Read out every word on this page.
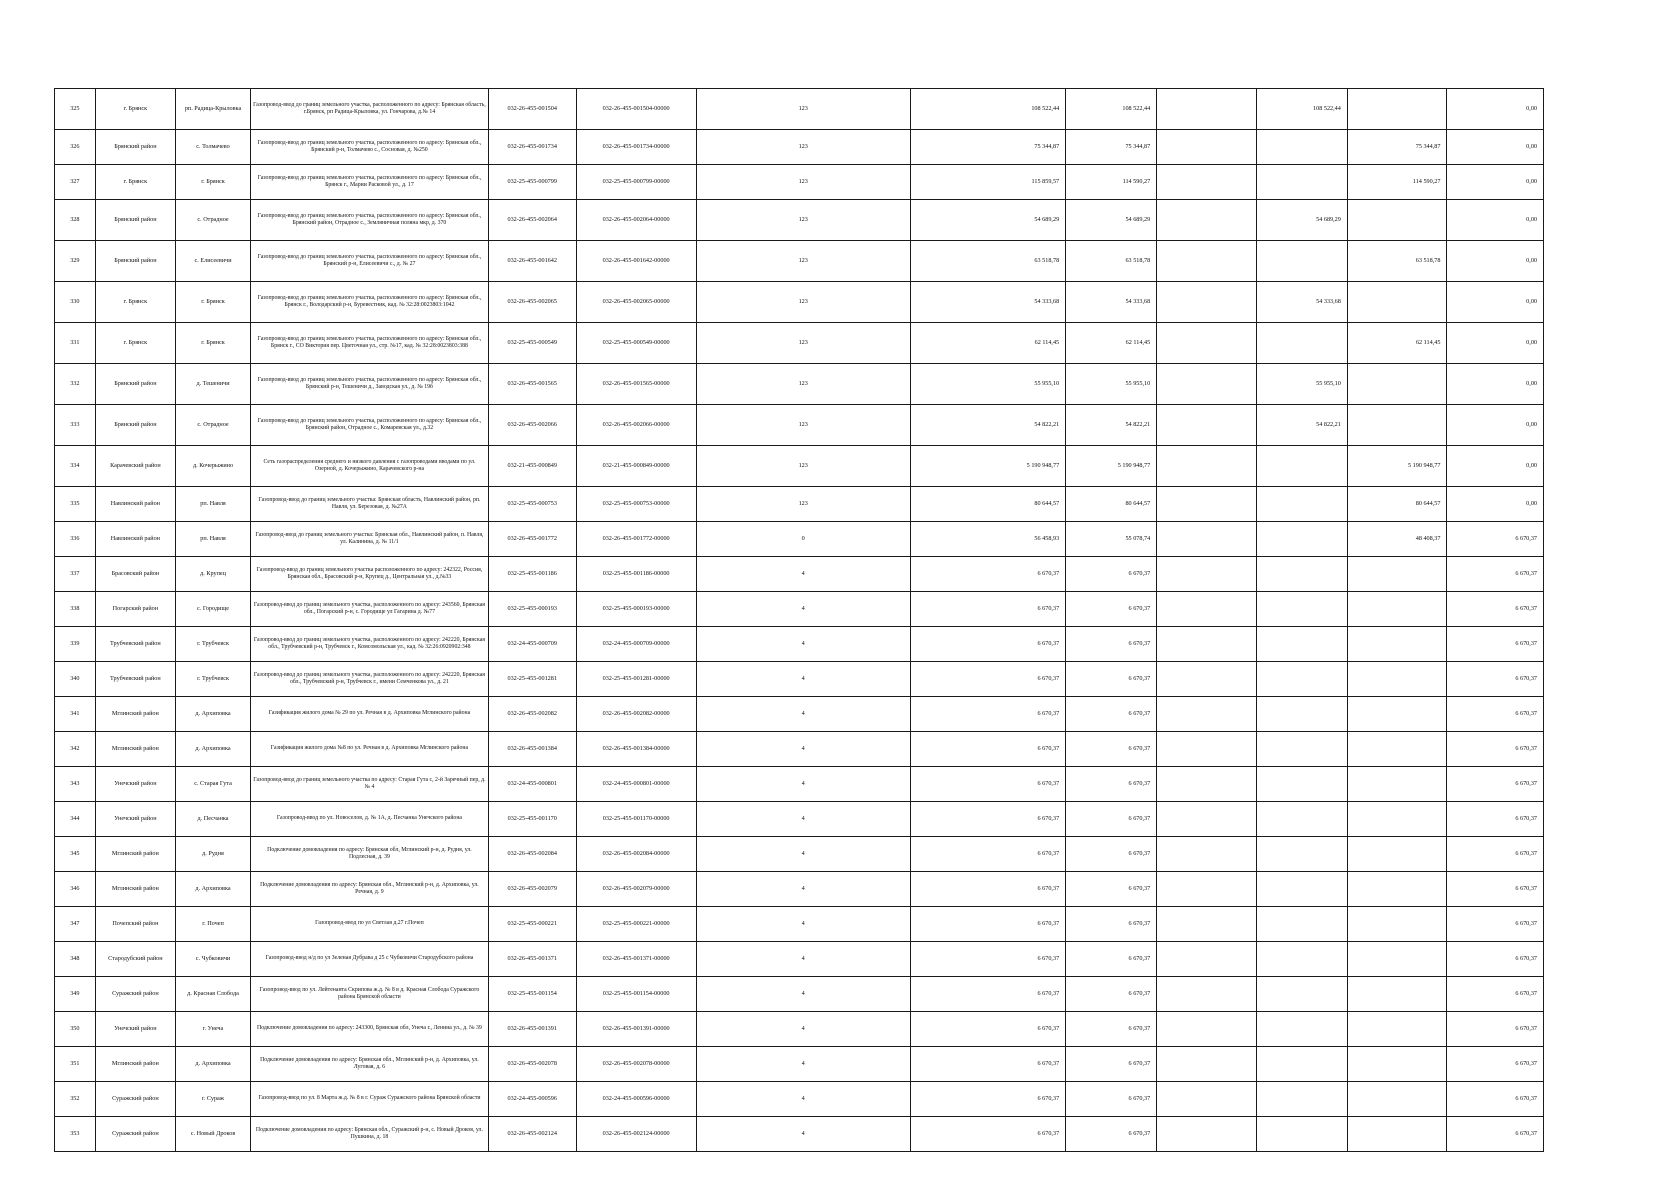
325	г. Брянск	рп. Радица-Крыловка	Газопровод-ввод до границ земельного участка, расположенного по адресу: Брянская область, г.Брянск, рп Радица-Крыловка, ул. Гончарова, д.№ 14	032-26-455-001504	032-26-455-001504-00000	123	108 522,44	108 522,44		108 522,44		0,00
326	Брянский район	с. Толмачево	Газопровод-ввод до границ земельного участка, расположенного по адресу: Брянская обл., Брянский р-н, Толмачево с., Сосновая, д. №250	032-26-455-001734	032-26-455-001734-00000	123	75 344,87	75 344,87			75 344,87	0,00
327	г. Брянск	г. Брянск	Газопровод-ввод до границ земельного участка, расположенного по адресу: Брянская обл., Брянск г., Марии Расковой ул., д. 17	032-25-455-000799	032-25-455-000799-00000	123	115 859,57	114 590,27			114 590,27	0,00
328	Брянский район	с. Отрадное	Газопровод-ввод до границ земельного участка, расположенного по адресу: Брянская обл., Брянский район, Отрадное с., Земляничная поляна мкр, д. 370	032-26-455-002064	032-26-455-002064-00000	123	54 689,29	54 689,29		54 689,29		0,00
329	Брянский район	с. Елисеевичи	Газопровод-ввод до границ земельного участка, расположенного по адресу: Брянская обл., Брянский р-н, Елисеевичи с., д. № 27	032-26-455-001642	032-26-455-001642-00000	123	63 518,78	63 518,78			63 518,78	0,00
330	г. Брянск	г. Брянск	Газопровод-ввод до границ земельного участка, расположенного по адресу: Брянская обл., Брянск г., Володарский р-н, Буревестник, кад. № 32:28:0023803:1042	032-26-455-002065	032-26-455-002065-00000	123	54 333,68	54 333,68		54 333,68		0,00
331	г. Брянск	г. Брянск	Газопровод-ввод до границ земельного участка, расположенного по адресу: Брянская обл., Брянск г., СО Виктория пер. Цветочная ул., стр. №17, кад. № 32:28:0023803:388	032-25-455-000549	032-25-455-000549-00000	123	62 114,45	62 114,45			62 114,45	0,00
332	Брянский район	д. Тешеничи	Газопровод-ввод до границ земельного участка, расположенного по адресу: Брянская обл., Брянский р-н, Тешеничи д., Заводская ул., д. № 19б	032-26-455-001565	032-26-455-001565-00000	123	55 955,10	55 955,10		55 955,10		0,00
333	Брянский район	с. Отрадное	Газопровод-ввод до границ земельного участка, расположенного по адресу: Брянская обл., Брянский район, Отрадное с., Комаревская ул., д.32	032-26-455-002066	032-26-455-002066-00000	123	54 822,21	54 822,21		54 822,21		0,00
334	Карачевский район	д. Кочерыжино	Сеть газораспределения среднего и низкого давления с газопроводами вводами по ул. Озерной, д. Кочерыжино, Карачевского р-на	032-21-455-000849	032-21-455-000849-00000	123	5 190 948,77	5 190 948,77			5 190 948,77	0,00
335	Навлинский район	рп. Навля	Газопровод-ввод до границ земельного участка: Брянская область, Навлинский район, рп. Навля, ул. Березовая, д. №27А	032-25-455-000753	032-25-455-000753-00000	123	80 644,57	80 644,57			80 644,57	0,00
336	Навлинский район	рп. Навля	Газопровод-ввод до границ земельного участка: Брянская обл., Навлинский район, п. Навля, ул. Калинина, д. № 11/1	032-26-455-001772	032-26-455-001772-00000	0	56 458,93	55 078,74			48 408,37	6 670,37
337	Брасовский район	д. Крупец	Газопровод-ввод до границ земельного участка расположенного по адресу: 242322, Россия, Брянская обл., Брасовский р-н, Крупец д., Центральная ул., д.№33	032-25-455-001186	032-25-455-001186-00000	4	6 670,37	6 670,37				6 670,37
338	Погарский район	с. Городище	Газопровод-ввод до границ земельного участка, расположенного по адресу: 243560, Брянская обл., Погарский р-н, с. Городище ул Гагарина д. №77	032-25-455-000193	032-25-455-000193-00000	4	6 670,37	6 670,37				6 670,37
339	Трубчевский район	г. Трубчевск	Газопровод-ввод до границ земельного участка, расположенного по адресу: 242220, Брянская обл., Трубчевский р-н, Трубчевск г., Комсомольская ул., кад. № 32:26:0920902:348	032-24-455-000709	032-24-455-000709-00000	4	6 670,37	6 670,37				6 670,37
340	Трубчевский район	г. Трубчевск	Газопровод-ввод до границ земельного участка, расположенного по адресу: 242220, Брянская обл., Трубчевский р-н, Трубчевск г., имени Семченкова ул., д. 21	032-25-455-001281	032-25-455-001281-00000	4	6 670,37	6 670,37				6 670,37
341	Мглинский район	д. Архиповка	Газификация жилого дома № 29 по ул. Речная в д. Архиповка Мглинского района	032-26-455-002082	032-26-455-002082-00000	4	6 670,37	6 670,37				6 670,37
342	Мглинский район	д. Архиповка	Газификация жилого дома №8 по ул. Речная в д. Архиповка Мглинского района	032-26-455-001384	032-26-455-001384-00000	4	6 670,37	6 670,37				6 670,37
343	Унечский район	с. Старая Гута	Газопровод-ввод до границ земельного участка по адресу: Старая Гута с, 2-й Заречный пер, д. № 4	032-24-455-000801	032-24-455-000801-00000	4	6 670,37	6 670,37				6 670,37
344	Унечский район	д. Песчанка	Газопровод-ввод по ул. Новоселов, д. № 1А, д. Песчанка Унечского района	032-25-455-001170	032-25-455-001170-00000	4	6 670,37	6 670,37				6 670,37
345	Мглинский район	д. Рудня	Подключение домовладения по адресу: Брянская обл, Мглинский р-н, д. Рудня, ул. Подлесная, д. 39	032-26-455-002084	032-26-455-002084-00000	4	6 670,37	6 670,37				6 670,37
346	Мглинский район	д. Архиповка	Подключение домовладения по адресу: Брянская обл., Мглинский р-н, д. Архиповка, ул. Речная, д. 9	032-26-455-002079	032-26-455-002079-00000	4	6 670,37	6 670,37				6 670,37
347	Почепский район	г. Почеп	Газопровод-ввод по ул Светлая д.27 г.Почеп	032-25-455-000221	032-25-455-000221-00000	4	6 670,37	6 670,37				6 670,37
348	Стародубский район	с. Чубковичи	Газопровод-ввод н/д по ул Зеленая Дубрава д 25 с Чубковичи Стародубского района	032-26-455-001371	032-26-455-001371-00000	4	6 670,37	6 670,37				6 670,37
349	Суражский район	д. Красная Слобода	Газопровод-ввод по ул. Лейтенанта Скрипова ж.д. № 8 в д. Красная Слобода Суражского района Брянской области	032-25-455-001154	032-25-455-001154-00000	4	6 670,37	6 670,37				6 670,37
350	Унечский район	г. Унеча	Подключение домовладения по адресу: 243300, Брянская обл, Унеча г., Ленина ул., д. № 39	032-26-455-001391	032-26-455-001391-00000	4	6 670,37	6 670,37				6 670,37
351	Мглинский район	д. Архиповка	Подключение домовладения по адресу: Брянская обл., Мглинский р-н, д. Архиповка, ул. Луговая, д. 6	032-26-455-002078	032-26-455-002078-00000	4	6 670,37	6 670,37				6 670,37
352	Суражский район	г. Сураж	Газопровод-ввод по ул. 8 Марта ж.д. № 8 в г. Сураж Суражского района Брянской области	032-24-455-000596	032-24-455-000596-00000	4	6 670,37	6 670,37				6 670,37
353	Суражский район	с. Новый Дроков	Подключение домовладения по адресу: Брянская обл., Суражский р-н, с. Новый Дроков, ул. Пушкина, д. 18	032-26-455-002124	032-26-455-002124-00000	4	6 670,37	6 670,37				6 670,37
